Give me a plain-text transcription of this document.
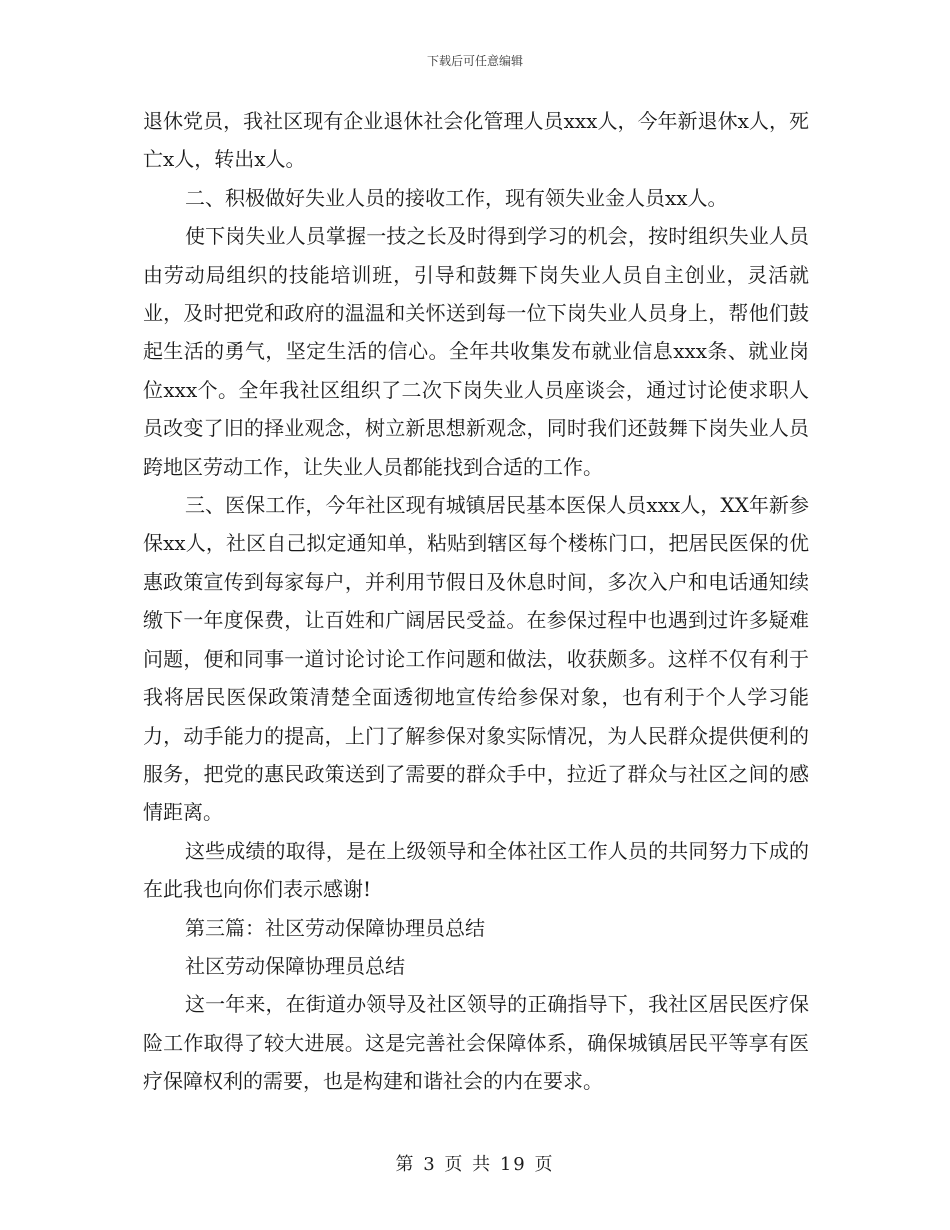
下载后可任意编辑

退休党员，我社区现有企业退休社会化管理人员xxx人，今年新退休x人，死亡x人，转出x人。

二、积极做好失业人员的接收工作，现有领失业金人员xx人。

使下岗失业人员掌握一技之长及时得到学习的机会，按时组织失业人员由劳动局组织的技能培训班，引导和鼓舞下岗失业人员自主创业，灵活就业，及时把党和政府的温温和关怀送到每一位下岗失业人员身上，帮他们鼓起生活的勇气，坚定生活的信心。全年共收集发布就业信息xxx条、就业岗位xxx个。全年我社区组织了二次下岗失业人员座谈会，通过讨论使求职人员改变了旧的择业观念，树立新思想新观念，同时我们还鼓舞下岗失业人员跨地区劳动工作，让失业人员都能找到合适的工作。

三、医保工作，今年社区现有城镇居民基本医保人员xxx人，XX年新参保xx人，社区自己拟定通知单，粘贴到辖区每个楼栋门口，把居民医保的优惠政策宣传到每家每户，并利用节假日及休息时间，多次入户和电话通知续缴下一年度保费，让百姓和广阔居民受益。在参保过程中也遇到过许多疑难问题，便和同事一道讨论讨论工作问题和做法，收获颇多。这样不仅有利于我将居民医保政策清楚全面透彻地宣传给参保对象，也有利于个人学习能力，动手能力的提高，上门了解参保对象实际情况，为人民群众提供便利的服务，把党的惠民政策送到了需要的群众手中，拉近了群众与社区之间的感情距离。

这些成绩的取得，是在上级领导和全体社区工作人员的共同努力下成的在此我也向你们表示感谢!

第三篇：社区劳动保障协理员总结

社区劳动保障协理员总结

这一年来，在街道办领导及社区领导的正确指导下，我社区居民医疗保险工作取得了较大进展。这是完善社会保障体系，确保城镇居民平等享有医疗保障权利的需要，也是构建和谐社会的内在要求。

第 3 页 共 19 页
